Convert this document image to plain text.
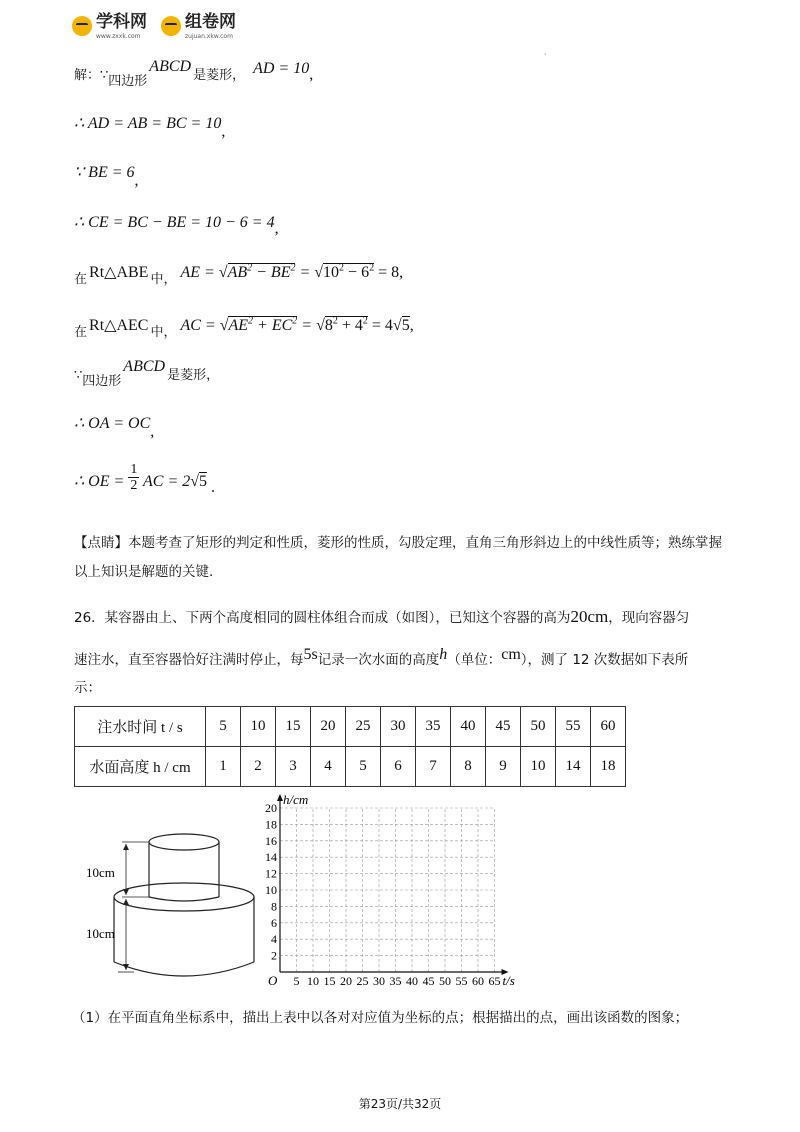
学科网
www.zxxk.com
组卷网
zujuan.xkw.com
·
解：∵四边形ABCD是菱形， AD = 10,
∴ AD = AB = BC = 10,
∵ BE = 6,
∴ CE = BC − BE = 10 − 6 = 4,
在 Rt△ABE 中， AE = $√AB^2 - BE^2 = √10^2 - 6^2 = 8$,
在 Rt△AEC 中， AC = $√AE^2 + EC^2 = √8^2 + 4^2 = 4√5$,
∵四边形ABCD是菱形，
∴ OA = OC,
∴ OE = $\frac{1}{2}$ AC = 2√5 .
【点睛】本题考查了矩形的判定和性质，菱形的性质，勾股定理，直角三角形斜边上的中线性质等；熟练掌握以上知识是解题的关键.
26．某容器由上、下两个高度相同的圆柱体组合而成（如图），已知这个容器的高为20cm，现向容器匀
速注水，直至容器恰好注满时停止，每5s记录一次水面的高度h（单位：cm），测了 12 次数据如下表所
示：
注水时间 t / s	5	10	15	20	25	30	35	40	45	50	55	60
水面高度 h / cm	1	2	3	4	5	6	7	8	9	10	14	18
10cm
10cm
5 10 15 20 25 30 35 40 45 50 55 60 65
2
4
6
8
10
12
14
16
18
20
O	t/s
h/cm
（1）在平面直角坐标系中，描出上表中以各对对应值为坐标的点；根据描出的点，画出该函数的图象；
第23页/共32页
